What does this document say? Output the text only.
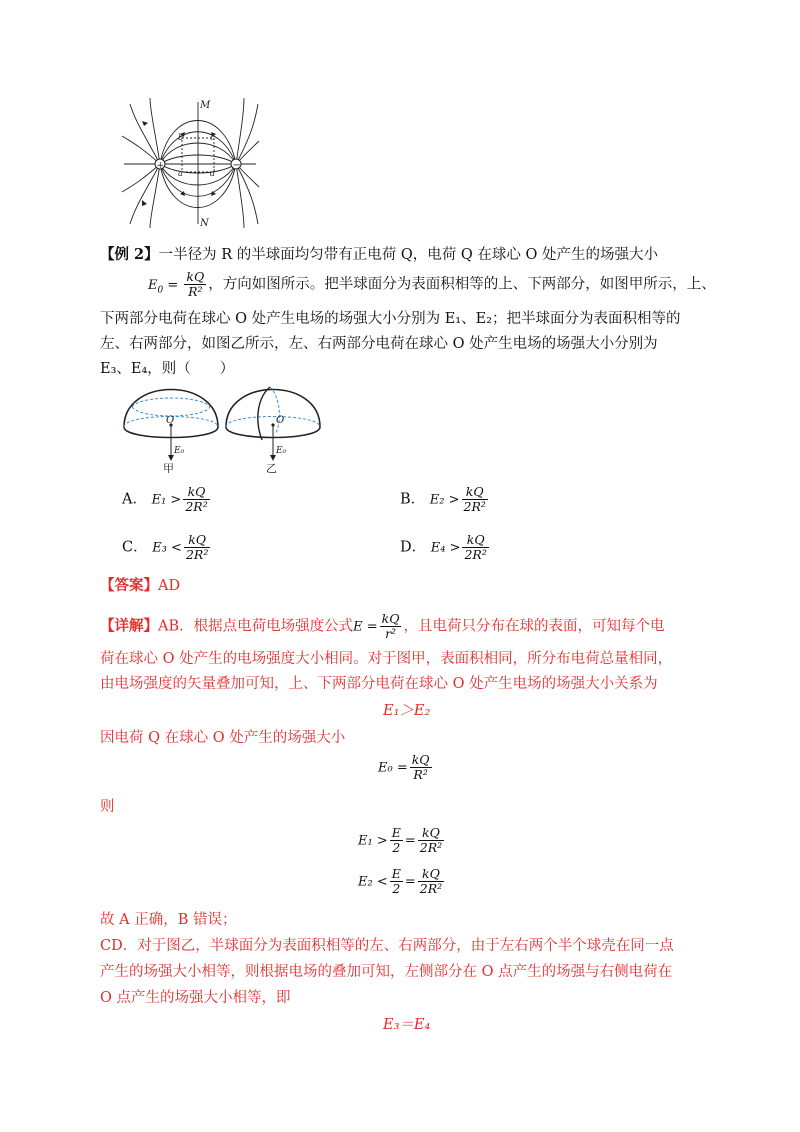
+	−
M
N
b	c
a	d
【例 2】一半径为 R 的半球面均匀带有正电荷 Q，电荷 Q 在球心 O 处产生的场强大小
$E_0 = \frac{kQ}{\text{R²}}$ ，方向如图所示。把半球面分为表面积相等的上、下两部分，如图甲所示，上、
下两部分电荷在球心 O 处产生电场的场强大小分别为 E₁、E₂；把半球面分为表面积相等的
左、右两部分，如图乙所示，左、右两部分电荷在球心 O 处产生电场的场强大小分别为
E₃、E₄，则（　　）
O
E₀
甲
O
E₀
乙
A． $E_1 > \frac{kQ}{\text{2R²}}$	B． $E_2 > \frac{kQ}{\text{2R²}}$
C． $E_3 < \frac{kQ}{\text{2R²}}$	D． $E_4 > \frac{kQ}{\text{2R²}}$
【答案】AD
【详解】AB．根据点电荷电场强度公式$E = \frac{kQ}{\text{r²}}$ ，且电荷只分布在球的表面，可知每个电
荷在球心 O 处产生的电场强度大小相同。对于图甲，表面积相同，所分布电荷总量相同，
由电场强度的矢量叠加可知，上、下两部分电荷在球心 O 处产生电场的场强大小关系为
E₁＞E₂
因电荷 Q 在球心 O 处产生的场强大小
$E_0 = \frac{kQ}{\text{R²}}$
则
$E_1 > \frac{E}{2} = \frac{kQ}{\text{2R²}}$
$E_2 < \frac{E}{2} = \frac{kQ}{\text{2R²}}$
故 A 正确，B 错误；
CD．对于图乙，半球面分为表面积相等的左、右两部分，由于左右两个半个球壳在同一点
产生的场强大小相等，则根据电场的叠加可知，左侧部分在 O 点产生的场强与右侧电荷在
O 点产生的场强大小相等，即
E₃＝E₄
